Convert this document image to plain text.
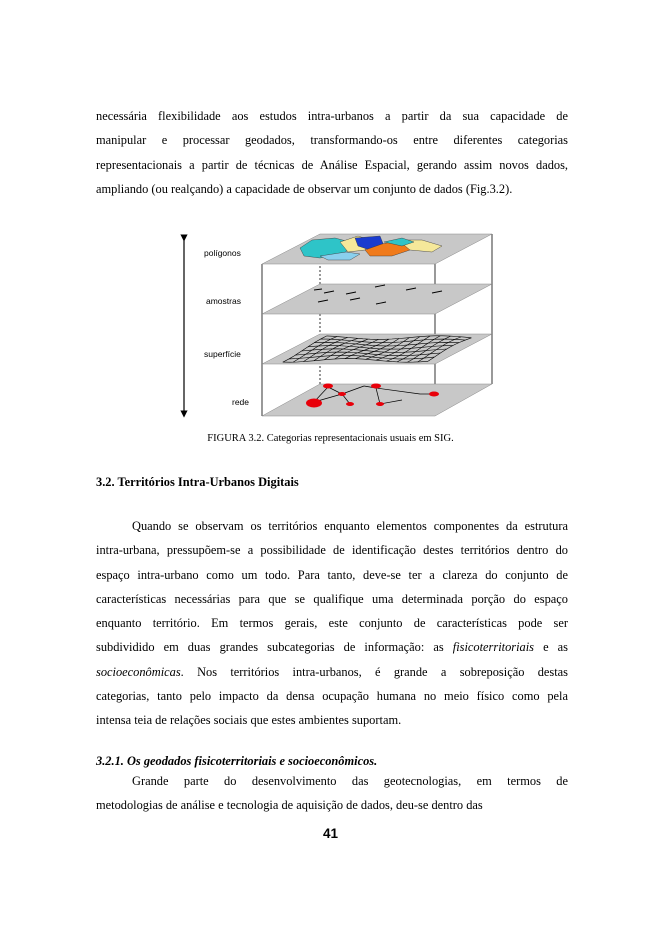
necessária flexibilidade aos estudos intra-urbanos a partir da sua capacidade de
manipular e processar geodados, transformando-os entre diferentes categorias
representacionais a partir de técnicas de Análise Espacial, gerando assim novos dados,
ampliando (ou realçando) a capacidade de observar um conjunto de dados (Fig.3.2).
polígonos
amostras
superfície
rede
FIGURA 3.2. Categorias representacionais usuais em SIG.
3.2. Territórios Intra-Urbanos Digitais
Quando se observam os territórios enquanto elementos componentes da estrutura
intra-urbana, pressupõem-se a possibilidade de identificação destes territórios dentro do
espaço intra-urbano como um todo. Para tanto, deve-se ter a clareza do conjunto de
características necessárias para que se qualifique uma determinada porção do espaço
enquanto território. Em termos gerais, este conjunto de características pode ser
subdividido em duas grandes subcategorias de informação: as fisicoterritoriais e as
socioeconômicas. Nos territórios intra-urbanos, é grande a sobreposição destas
categorias, tanto pelo impacto da densa ocupação humana no meio físico como pela
intensa teia de relações sociais que estes ambientes suportam.
3.2.1. Os geodados fisicoterritoriais e socioeconômicos.
Grande parte do desenvolvimento das geotecnologias, em termos de
metodologias de análise e tecnologia de aquisição de dados, deu-se dentro das
41
